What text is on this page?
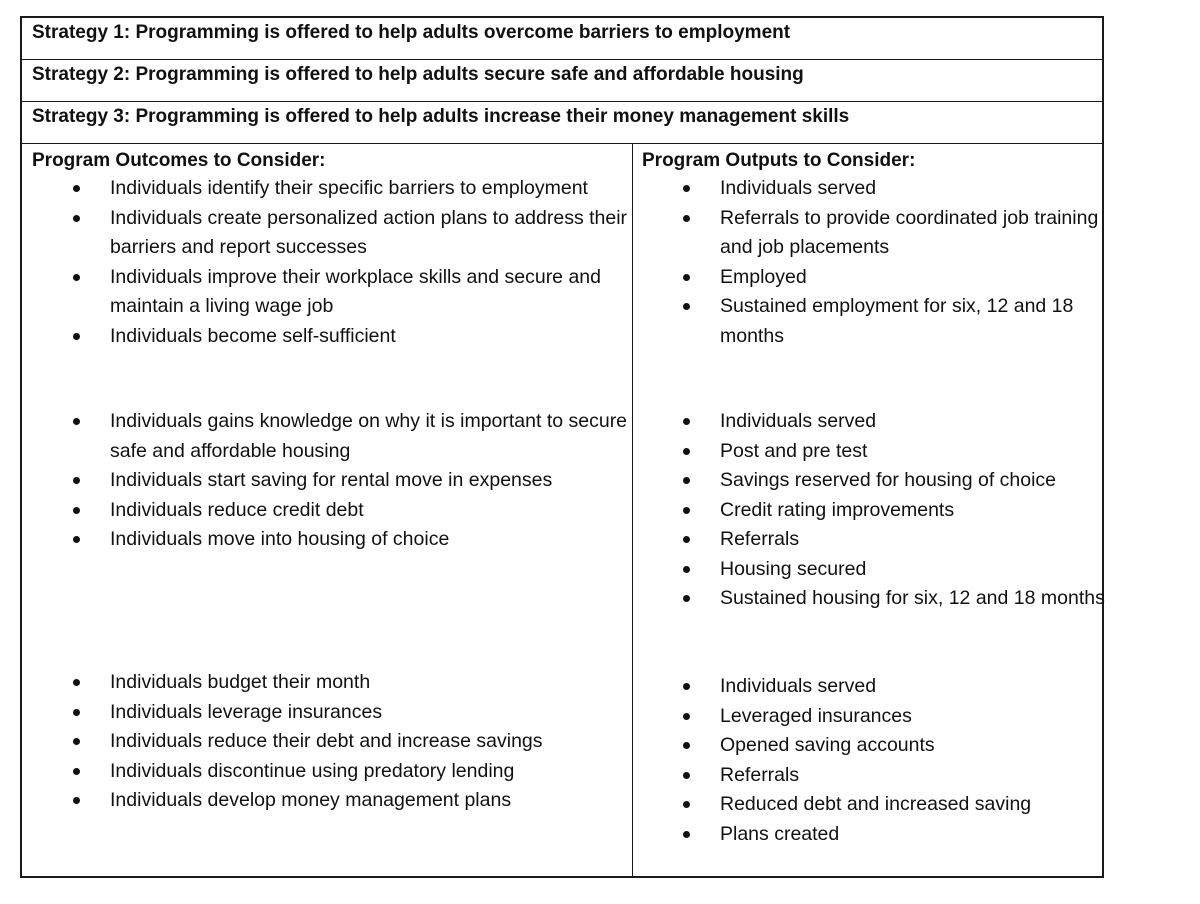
Strategy 1: Programming is offered to help adults overcome barriers to employment
Strategy 2: Programming is offered to help adults secure safe and affordable housing
Strategy 3: Programming is offered to help adults increase their money management skills
Program Outcomes to Consider:
Individuals identify their specific barriers to employment
Individuals create personalized action plans to address their barriers and report successes
Individuals improve their workplace skills and secure and maintain a living wage job
Individuals become self-sufficient
Individuals gains knowledge on why it is important to secure safe and affordable housing
Individuals start saving for rental move in expenses
Individuals reduce credit debt
Individuals move into housing of choice
Individuals budget their month
Individuals leverage insurances
Individuals reduce their debt and increase savings
Individuals discontinue using predatory lending
Individuals develop money management plans
Program Outputs to Consider:
Individuals served
Referrals to provide coordinated job training and job placements
Employed
Sustained employment for six, 12 and 18 months
Individuals served
Post and pre test
Savings reserved for housing of choice
Credit rating improvements
Referrals
Housing secured
Sustained housing for six, 12 and 18 months
Individuals served
Leveraged insurances
Opened saving accounts
Referrals
Reduced debt and increased saving
Plans created
